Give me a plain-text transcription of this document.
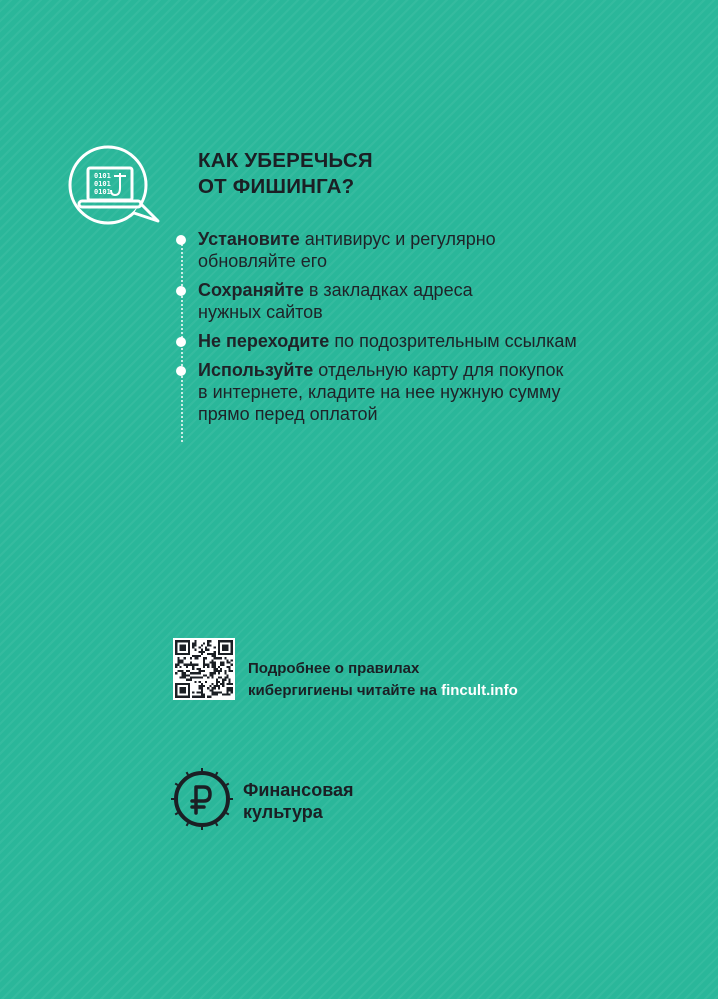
0101
0101
0101
КАК УБЕРЕЧЬСЯ
ОТ ФИШИНГА?
Установите антивирус и регулярно
обновляйте его
Сохраняйте в закладках адреса
нужных сайтов
Не переходите по подозрительным ссылкам
Используйте отдельную карту для покупок
в интернете, кладите на нее нужную сумму
прямо перед оплатой

Подробнее о правилах
кибергигиены читайте на fincult.info

Финансовая
культура
